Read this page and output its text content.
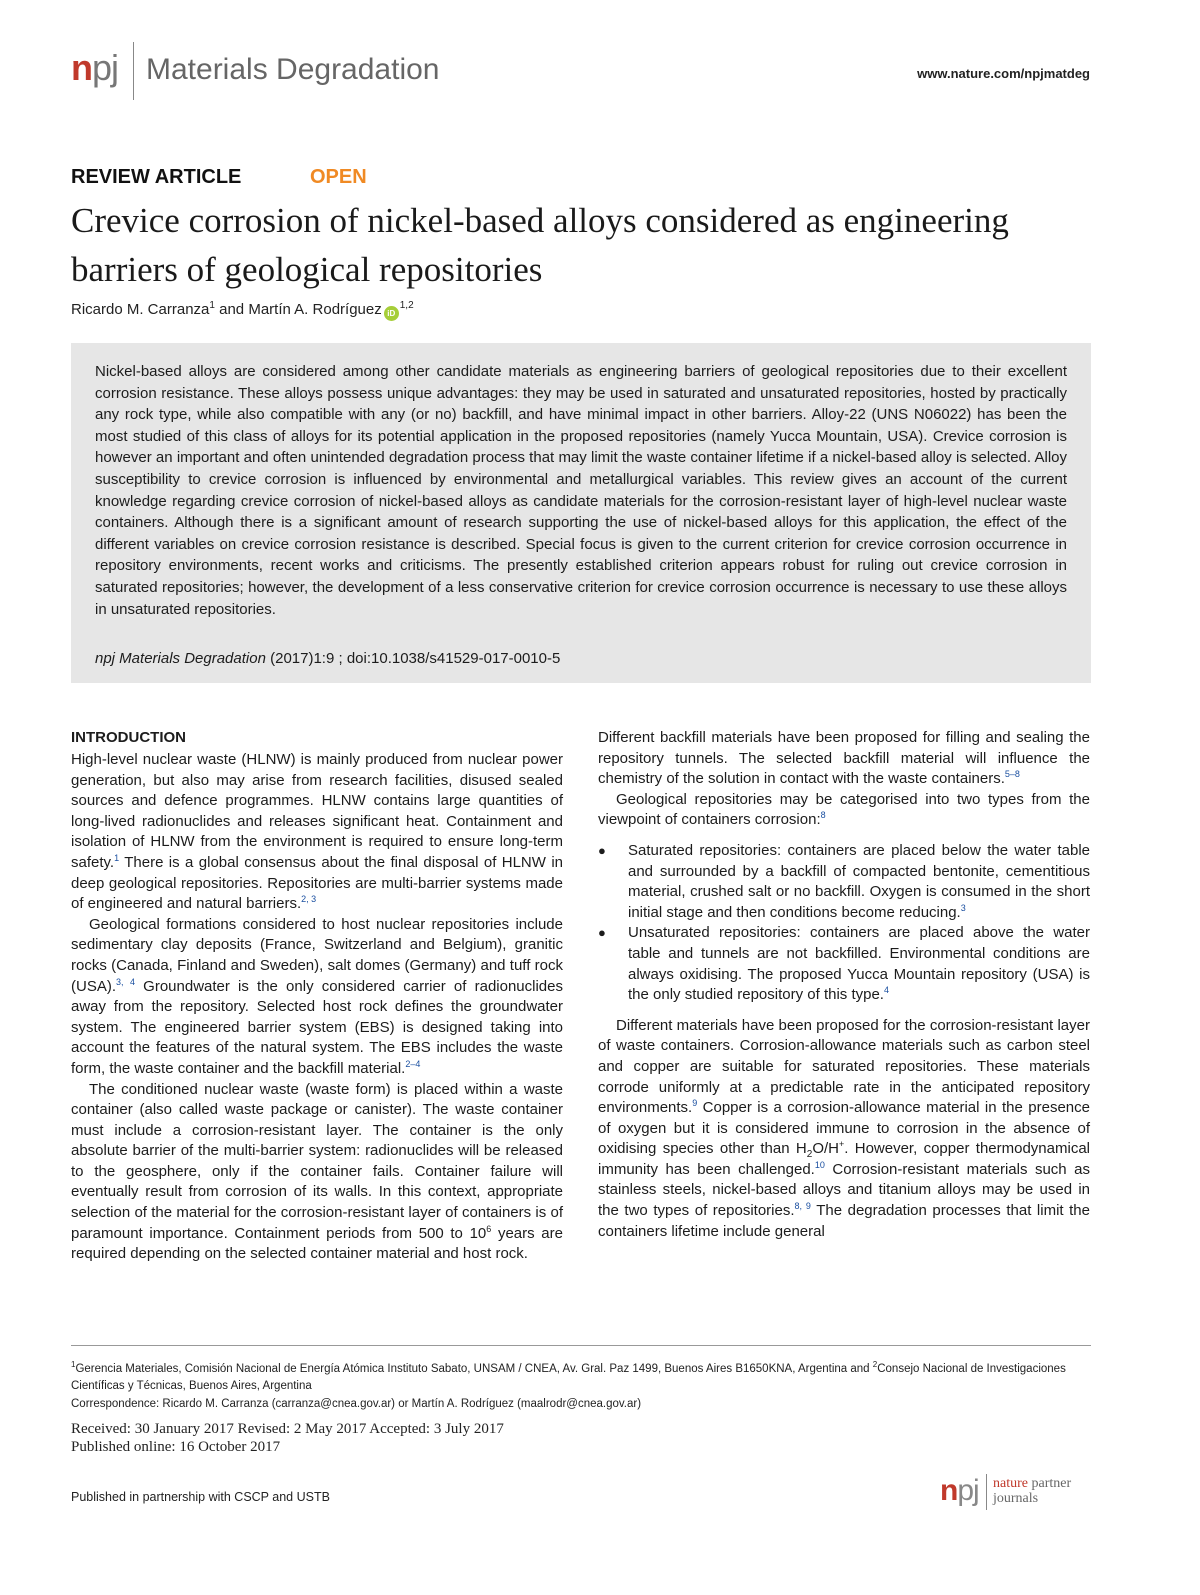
npj Materials Degradation	www.nature.com/npjmatdeg
REVIEW ARTICLE	OPEN
Crevice corrosion of nickel-based alloys considered as engineering barriers of geological repositories
Ricardo M. Carranza$^1$ and Martín A. Rodríguez iD$^{1,2}$

Nickel-based alloys are considered among other candidate materials as engineering barriers of geological repositories due to their excellent corrosion resistance. These alloys possess unique advantages: they may be used in saturated and unsaturated repositories, hosted by practically any rock type, while also compatible with any (or no) backfill, and have minimal impact in other barriers. Alloy-22 (UNS N06022) has been the most studied of this class of alloys for its potential application in the proposed repositories (namely Yucca Mountain, USA). Crevice corrosion is however an important and often unintended degradation process that may limit the waste container lifetime if a nickel-based alloy is selected. Alloy susceptibility to crevice corrosion is influenced by environmental and metallurgical variables. This review gives an account of the current knowledge regarding crevice corrosion of nickel-based alloys as candidate materials for the corrosion-resistant layer of high-level nuclear waste containers. Although there is a significant amount of research supporting the use of nickel-based alloys for this application, the effect of the different variables on crevice corrosion resistance is described. Special focus is given to the current criterion for crevice corrosion occurrence in repository environments, recent works and criticisms. The presently established criterion appears robust for ruling out crevice corrosion in saturated repositories; however, the development of a less conservative criterion for crevice corrosion occurrence is necessary to use these alloys in unsaturated repositories.

npj Materials Degradation (2017)1:9 ; doi:10.1038/s41529-017-0010-5
INTRODUCTION

High-level nuclear waste (HLNW) is mainly produced from nuclear power generation, but also may arise from research facilities, disused sealed sources and defence programmes. HLNW contains large quantities of long-lived radionuclides and releases significant heat. Containment and isolation of HLNW from the environment is required to ensure long-term safety.$^1$ There is a global consensus about the final disposal of HLNW in deep geological repositories. Repositories are multi-barrier systems made of engineered and natural barriers.$^{2, 3}$

Geological formations considered to host nuclear repositories include sedimentary clay deposits (France, Switzerland and Belgium), granitic rocks (Canada, Finland and Sweden), salt domes (Germany) and tuff rock (USA).$^{3, 4}$ Groundwater is the only considered carrier of radionuclides away from the repository. Selected host rock defines the groundwater system. The engineered barrier system (EBS) is designed taking into account the features of the natural system. The EBS includes the waste form, the waste container and the backfill material.$^{2-4}$

The conditioned nuclear waste (waste form) is placed within a waste container (also called waste package or canister). The waste container must include a corrosion-resistant layer. The container is the only absolute barrier of the multi-barrier system: radionuclides will be released to the geosphere, only if the container fails. Container failure will eventually result from corrosion of its walls. In this context, appropriate selection of the material for the corrosion-resistant layer of containers is of paramount importance. Containment periods from 500 to $10^6$ years are required depending on the selected container material and host rock.

Different backfill materials have been proposed for filling and sealing the repository tunnels. The selected backfill material will influence the chemistry of the solution in contact with the waste containers.$^{5-8}$

Geological repositories may be categorised into two types from the viewpoint of containers corrosion:$^8$

● Saturated repositories: containers are placed below the water table and surrounded by a backfill of compacted bentonite, cementitious material, crushed salt or no backfill. Oxygen is consumed in the short initial stage and then conditions become reducing.$^3$
● Unsaturated repositories: containers are placed above the water table and tunnels are not backfilled. Environmental conditions are always oxidising. The proposed Yucca Mountain repository (USA) is the only studied repository of this type.$^4$

Different materials have been proposed for the corrosion-resistant layer of waste containers. Corrosion-allowance materials such as carbon steel and copper are suitable for saturated repositories. These materials corrode uniformly at a predictable rate in the anticipated repository environments.$^9$ Copper is a corrosion-allowance material in the presence of oxygen but it is considered immune to corrosion in the absence of oxidising species other than $H_2O/H^+$. However, copper thermodynamical immunity has been challenged.$^{10}$ Corrosion-resistant materials such as stainless steels, nickel-based alloys and titanium alloys may be used in the two types of repositories.$^{8, 9}$ The degradation processes that limit the containers lifetime include general

$^1$Gerencia Materiales, Comisión Nacional de Energía Atómica Instituto Sabato, UNSAM / CNEA, Av. Gral. Paz 1499, Buenos Aires B1650KNA, Argentina and $^2$Consejo Nacional de Investigaciones Científicas y Técnicas, Buenos Aires, Argentina

Correspondence: Ricardo M. Carranza (carranza@cnea.gov.ar) or Martín A. Rodríguez (maalrodr@cnea.gov.ar)

Received: 30 January 2017 Revised: 2 May 2017 Accepted: 3 July 2017

Published online: 16 October 2017

Published in partnership with CSCP and USTB	npj nature partner
journals
